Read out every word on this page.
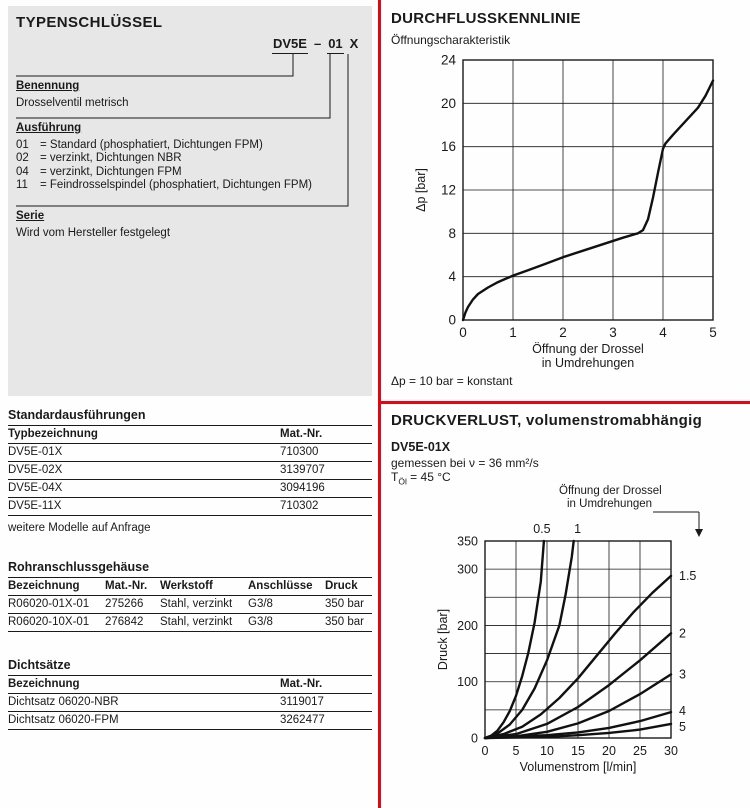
TYPENSCHLÜSSEL
DV5E – 01 X
Benennung
Drosselventil metrisch
Ausführung
01 = Standard (phosphatiert, Dichtungen FPM)
02 = verzinkt, Dichtungen NBR
04 = verzinkt, Dichtungen FPM
11	= Feindrosselspindel (phosphatiert, Dichtungen FPM)
Serie
Wird vom Hersteller festgelegt
Standardausführungen
Typbezeichnung	Mat.-Nr.
DV5E-01X	710300
DV5E-02X	3139707
DV5E-04X	3094196
DV5E-11X	710302
weitere Modelle auf Anfrage
Rohranschlussgehäuse
Bezeichnung	Mat.-Nr.	Werkstoff	Anschlüsse	Druck
R06020-01X-01	275266	Stahl, verzinkt	G3/8	350 bar
R06020-10X-01	276842	Stahl, verzinkt	G3/8	350 bar
Dichtsätze
Bezeichnung	Mat.-Nr.
Dichtsatz 06020-NBR	3119017
Dichtsatz 06020-FPM	3262477
DURCHFLUSSKENNLINIE
Öffnungscharakteristik
0	1	2	3	4	5
0
4
8
12
16
20
24
Δp [bar]
Öffnung der Drossel
in Umdrehungen
Δp = 10 bar = konstant
DRUCKVERLUST, volumenstromabhängig
DV5E-01X
gemessen bei ν = 36 mm²/s
$T_{Öl} = 45$ °C
0 5 10 15 20 25 30
0
100
200
300
350
0.5 1
1.5
2
3
4
5
Druck [bar]
Volumenstrom [l/min]
Öffnung der Drossel
in Umdrehungen
